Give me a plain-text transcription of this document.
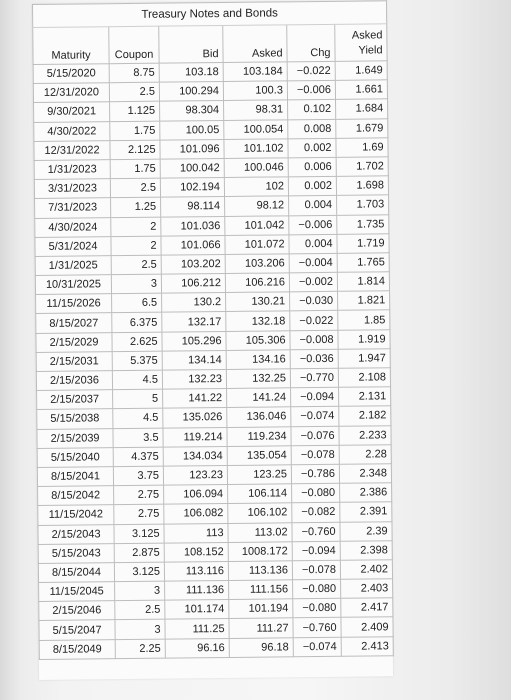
Treasury Notes and Bonds					
Maturity	Coupon	Bid	Asked	Chg	Asked
Yield
5/15/2020	8.75	103.18	103.184	−0.022	1.649
12/31/2020	2.5	100.294	100.3	−0.006	1.661
9/30/2021	1.125	98.304	98.31	0.102	1.684
4/30/2022	1.75	100.05	100.054	0.008	1.679
12/31/2022	2.125	101.096	101.102	0.002	1.69
1/31/2023	1.75	100.042	100.046	0.006	1.702
3/31/2023	2.5	102.194	102	0.002	1.698
7/31/2023	1.25	98.114	98.12	0.004	1.703
4/30/2024	2	101.036	101.042	−0.006	1.735
5/31/2024	2	101.066	101.072	0.004	1.719
1/31/2025	2.5	103.202	103.206	−0.004	1.765
10/31/2025	3	106.212	106.216	−0.002	1.814
11/15/2026	6.5	130.2	130.21	−0.030	1.821
8/15/2027	6.375	132.17	132.18	−0.022	1.85
2/15/2029	2.625	105.296	105.306	−0.008	1.919
2/15/2031	5.375	134.14	134.16	−0.036	1.947
2/15/2036	4.5	132.23	132.25	−0.770	2.108
2/15/2037	5	141.22	141.24	−0.094	2.131
5/15/2038	4.5	135.026	136.046	−0.074	2.182
2/15/2039	3.5	119.214	119.234	−0.076	2.233
5/15/2040	4.375	134.034	135.054	−0.078	2.28
8/15/2041	3.75	123.23	123.25	−0.786	2.348
8/15/2042	2.75	106.094	106.114	−0.080	2.386
11/15/2042	2.75	106.082	106.102	−0.082	2.391
2/15/2043	3.125	113	113.02	−0.760	2.39
5/15/2043	2.875	108.152	1008.172	−0.094	2.398
8/15/2044	3.125	113.116	113.136	−0.078	2.402
11/15/2045	3	111.136	111.156	−0.080	2.403
2/15/2046	2.5	101.174	101.194	−0.080	2.417
5/15/2047	3	111.25	111.27	−0.760	2.409
8/15/2049	2.25	96.16	96.18	−0.074	2.413
